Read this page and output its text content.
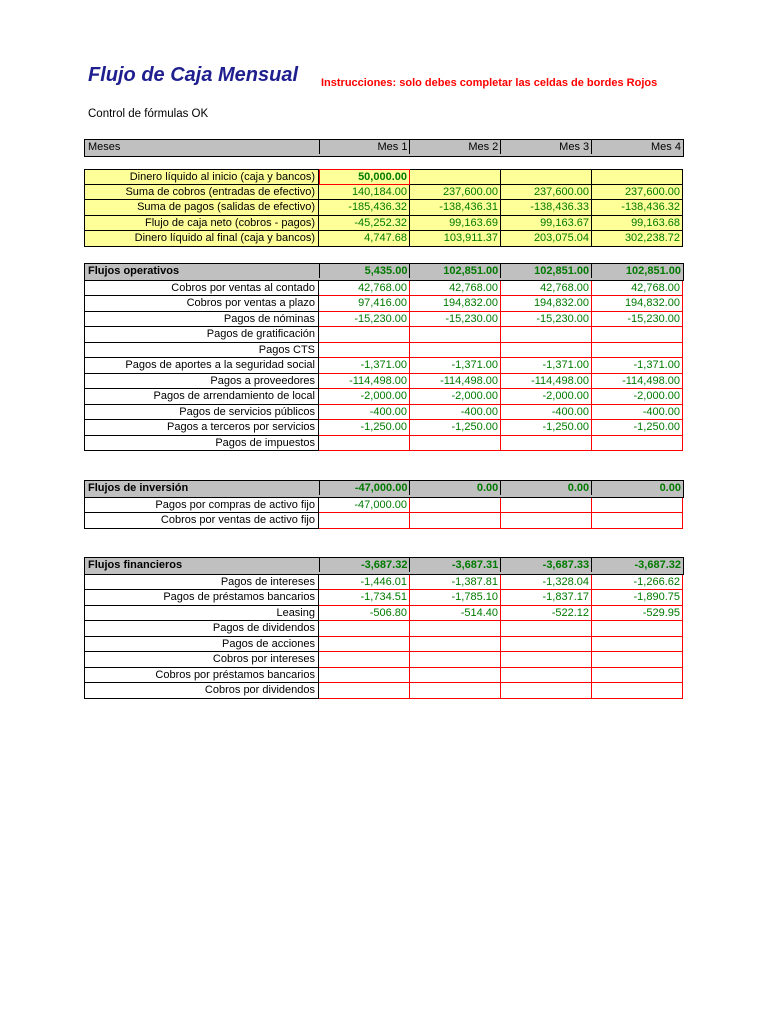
Flujo de Caja Mensual Instrucciones: solo debes completar las celdas de bordes Rojos
Control de fórmulas OK
Meses	Mes 1	Mes 2	Mes 3	Mes 4
Dinero líquido al inicio (caja y bancos)	50,000.00
Suma de cobros (entradas de efectivo)	140,184.00	237,600.00	237,600.00	237,600.00
Suma de pagos (salidas de efectivo)	-185,436.32	-138,436.31	-138,436.33	-138,436.32
Flujo de caja neto (cobros - pagos)	-45,252.32	99,163.69	99,163.67	99,163.68
Dinero líquido al final (caja y bancos)	4,747.68	103,911.37	203,075.04	302,238.72
Flujos operativos	5,435.00	102,851.00	102,851.00	102,851.00
Cobros por ventas al contado	42,768.00	42,768.00	42,768.00	42,768.00
Cobros por ventas a plazo	97,416.00	194,832.00	194,832.00	194,832.00
Pagos de nóminas	-15,230.00	-15,230.00	-15,230.00	-15,230.00
Pagos de gratificación
Pagos CTS
Pagos de aportes a la seguridad social	-1,371.00	-1,371.00	-1,371.00	-1,371.00
Pagos a proveedores	-114,498.00	-114,498.00	-114,498.00	-114,498.00
Pagos de arrendamiento de local	-2,000.00	-2,000.00	-2,000.00	-2,000.00
Pagos de servicios públicos	-400.00	-400.00	-400.00	-400.00
Pagos a terceros por servicios	-1,250.00	-1,250.00	-1,250.00	-1,250.00
Pagos de impuestos
Flujos de inversión	-47,000.00	0.00	0.00	0.00
Pagos por compras de activo fijo	-47,000.00
Cobros por ventas de activo fijo
Flujos financieros	-3,687.32	-3,687.31	-3,687.33	-3,687.32
Pagos de intereses	-1,446.01	-1,387.81	-1,328.04	-1,266.62
Pagos de préstamos bancarios	-1,734.51	-1,785.10	-1,837.17	-1,890.75
Leasing	-506.80	-514.40	-522.12	-529.95
Pagos de dividendos
Pagos de acciones
Cobros por intereses
Cobros por préstamos bancarios
Cobros por dividendos
